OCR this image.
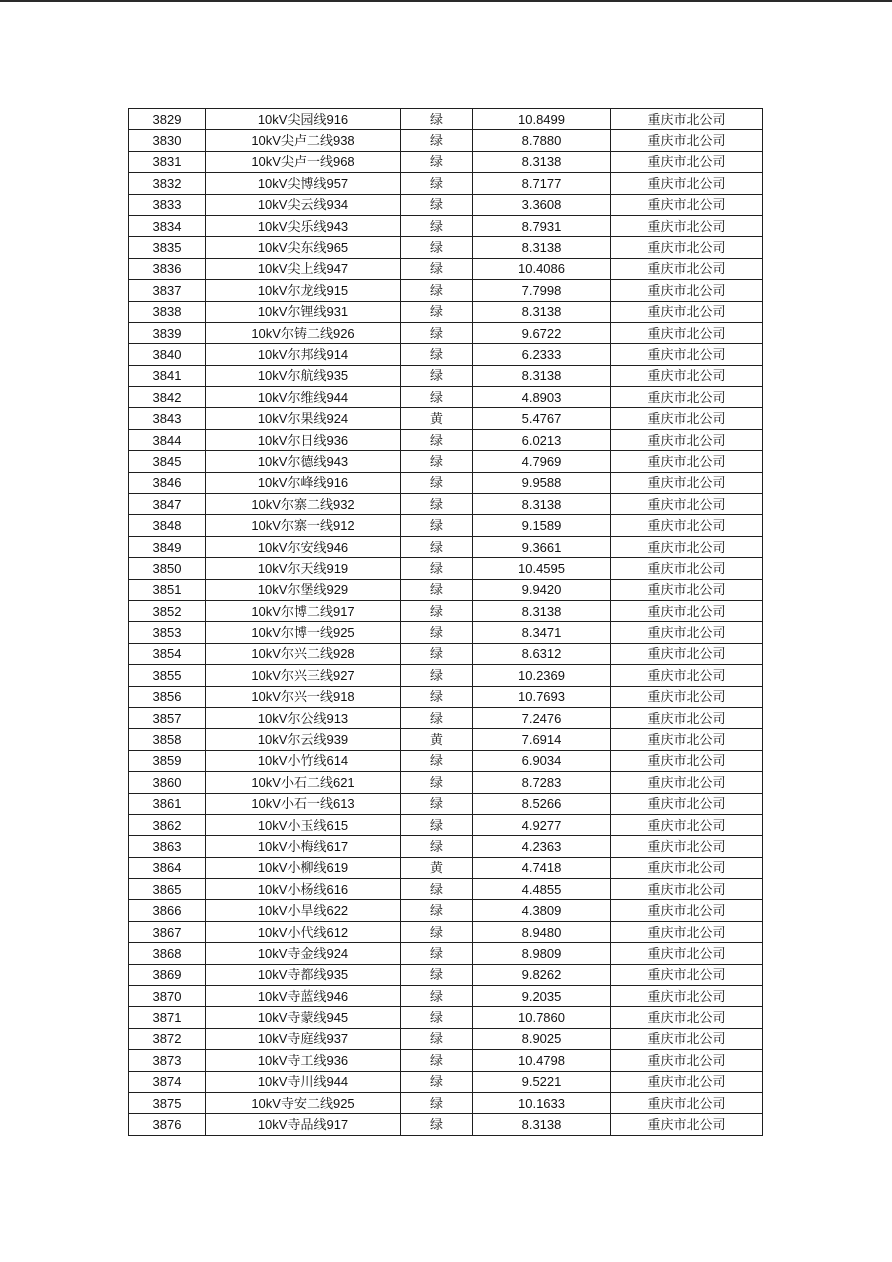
3829	10kV尖园线916	绿	10.8499	重庆市北公司
3830	10kV尖卢二线938	绿	8.7880	重庆市北公司
3831	10kV尖卢一线968	绿	8.3138	重庆市北公司
3832	10kV尖博线957	绿	8.7177	重庆市北公司
3833	10kV尖云线934	绿	3.3608	重庆市北公司
3834	10kV尖乐线943	绿	8.7931	重庆市北公司
3835	10kV尖东线965	绿	8.3138	重庆市北公司
3836	10kV尖上线947	绿	10.4086	重庆市北公司
3837	10kV尔龙线915	绿	7.7998	重庆市北公司
3838	10kV尔锂线931	绿	8.3138	重庆市北公司
3839	10kV尔铸二线926	绿	9.6722	重庆市北公司
3840	10kV尔邦线914	绿	6.2333	重庆市北公司
3841	10kV尔航线935	绿	8.3138	重庆市北公司
3842	10kV尔维线944	绿	4.8903	重庆市北公司
3843	10kV尔果线924	黄	5.4767	重庆市北公司
3844	10kV尔日线936	绿	6.0213	重庆市北公司
3845	10kV尔德线943	绿	4.7969	重庆市北公司
3846	10kV尔峰线916	绿	9.9588	重庆市北公司
3847	10kV尔寨二线932	绿	8.3138	重庆市北公司
3848	10kV尔寨一线912	绿	9.1589	重庆市北公司
3849	10kV尔安线946	绿	9.3661	重庆市北公司
3850	10kV尔天线919	绿	10.4595	重庆市北公司
3851	10kV尔堡线929	绿	9.9420	重庆市北公司
3852	10kV尔博二线917	绿	8.3138	重庆市北公司
3853	10kV尔博一线925	绿	8.3471	重庆市北公司
3854	10kV尔兴二线928	绿	8.6312	重庆市北公司
3855	10kV尔兴三线927	绿	10.2369	重庆市北公司
3856	10kV尔兴一线918	绿	10.7693	重庆市北公司
3857	10kV尔公线913	绿	7.2476	重庆市北公司
3858	10kV尔云线939	黄	7.6914	重庆市北公司
3859	10kV小竹线614	绿	6.9034	重庆市北公司
3860	10kV小石二线621	绿	8.7283	重庆市北公司
3861	10kV小石一线613	绿	8.5266	重庆市北公司
3862	10kV小玉线615	绿	4.9277	重庆市北公司
3863	10kV小梅线617	绿	4.2363	重庆市北公司
3864	10kV小柳线619	黄	4.7418	重庆市北公司
3865	10kV小杨线616	绿	4.4855	重庆市北公司
3866	10kV小旱线622	绿	4.3809	重庆市北公司
3867	10kV小代线612	绿	8.9480	重庆市北公司
3868	10kV寺金线924	绿	8.9809	重庆市北公司
3869	10kV寺都线935	绿	9.8262	重庆市北公司
3870	10kV寺蓝线946	绿	9.2035	重庆市北公司
3871	10kV寺蒙线945	绿	10.7860	重庆市北公司
3872	10kV寺庭线937	绿	8.9025	重庆市北公司
3873	10kV寺工线936	绿	10.4798	重庆市北公司
3874	10kV寺川线944	绿	9.5221	重庆市北公司
3875	10kV寺安二线925	绿	10.1633	重庆市北公司
3876	10kV寺品线917	绿	8.3138	重庆市北公司
